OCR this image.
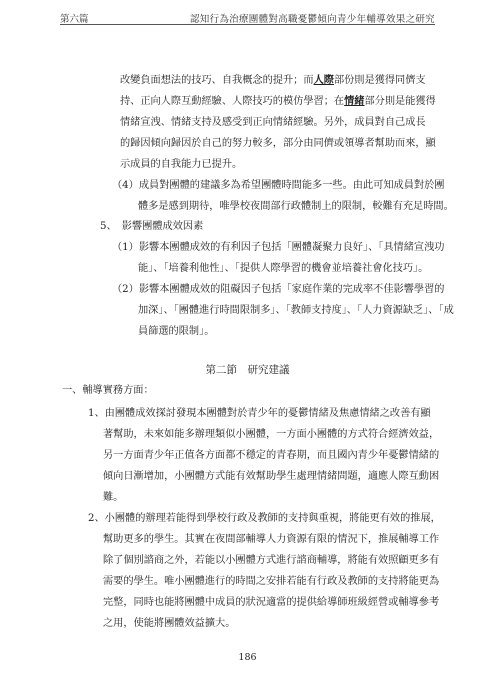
第六篇	認知行為治療團體對高職憂鬱傾向青少年輔導效果之研究

改變負面想法的技巧、自我概念的提升；而人際部份則是獲得同儕支

持、正向人際互動經驗、人際技巧的模仿學習；在情緒部分則是能獲得

情緒宣洩、情緒支持及感受到正向情緒經驗。另外，成員對自己成長

的歸因傾向歸因於自己的努力較多，部分由同儕或領導者幫助而來，顯

示成員的自我能力已提升。

（4）成員對團體的建議多為希望團體時間能多一些。由此可知成員對於團

體多是感到期待，唯學校夜間部行政體制上的限制，較難有充足時間。

5、　影響團體成效因素

（1）影響本團體成效的有利因子包括「團體凝聚力良好」、「具情緒宣洩功

能」、「培養利他性」、「提供人際學習的機會並培養社會化技巧」。

（2）影響本團體成效的阻礙因子包括「家庭作業的完成率不佳影響學習的

加深」、「團體進行時間限制多」、「教師支持度」、「人力資源缺乏」、「成

員篩選的限制」。

第二節　研究建議

一、輔導實務方面：

1、由團體成效探討發現本團體對於青少年的憂鬱情緒及焦慮情緒之改善有顯

著幫助，未來如能多辦理類似小團體，一方面小團體的方式符合經濟效益，

另一方面青少年正值各方面都不穩定的青春期，而且國內青少年憂鬱情緒的

傾向日漸增加，小團體方式能有效幫助學生處理情緒問題，適應人際互動困

難。

2、小團體的辦理若能得到學校行政及教師的支持與重視，將能更有效的推展，

幫助更多的學生。其實在夜間部輔導人力資源有限的情況下，推展輔導工作

除了個別諮商之外，若能以小團體方式進行諮商輔導，將能有效照顧更多有

需要的學生。唯小團體進行的時間之安排若能有行政及教師的支持將能更為

完整，同時也能將團體中成員的狀況適當的提供給導師班級經營或輔導參考

之用，使能將團體效益擴大。

186
